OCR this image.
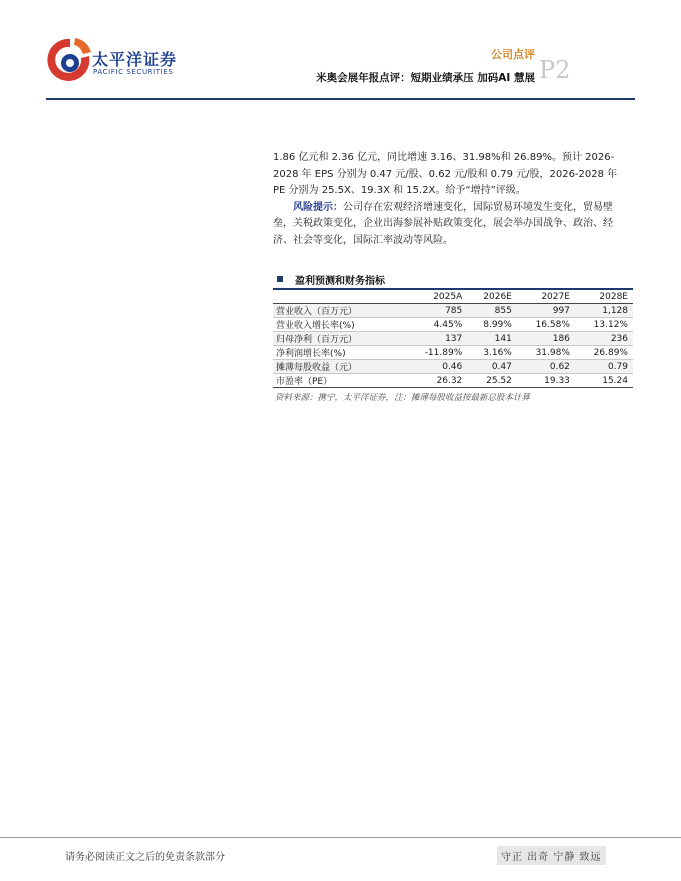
太平洋证券
PACIFIC SECURITIES
公司点评
米奥会展年报点评：短期业绩承压 加码AI 慧展 P2

1.86 亿元和 2.36 亿元，同比增速 3.16、31.98%和 26.89%。预计 2026-2028 年 EPS 分别为 0.47 元/股、0.62 元/股和 0.79 元/股，2026-2028 年 PE 分别为 25.5X、19.3X 和 15.2X。给予“增持”评级。

风险提示：公司存在宏观经济增速变化，国际贸易环境发生变化，贸易壁垒，关税政策变化，企业出海参展补贴政策变化，展会举办国战争、政治、经济、社会等变化，国际汇率波动等风险。

盈利预测和财务指标
	2025A	2026E	2027E	2028E
营业收入（百万元）	785	855	997	1,128
营业收入增长率(%)	4.45%	8.99%	16.58%	13.12%
归母净利（百万元）	137	141	186	236
净利润增长率(%)	-11.89%	3.16%	31.98%	26.89%
摊薄每股收益（元）	0.46	0.47	0.62	0.79
市盈率（PE）	26.32	25.52	19.33	15.24
资料来源：携宁，太平洋证券，注：摊薄每股收益按最新总股本计算
请务必阅读正文之后的免责条款部分	守正 出奇 宁静 致远
